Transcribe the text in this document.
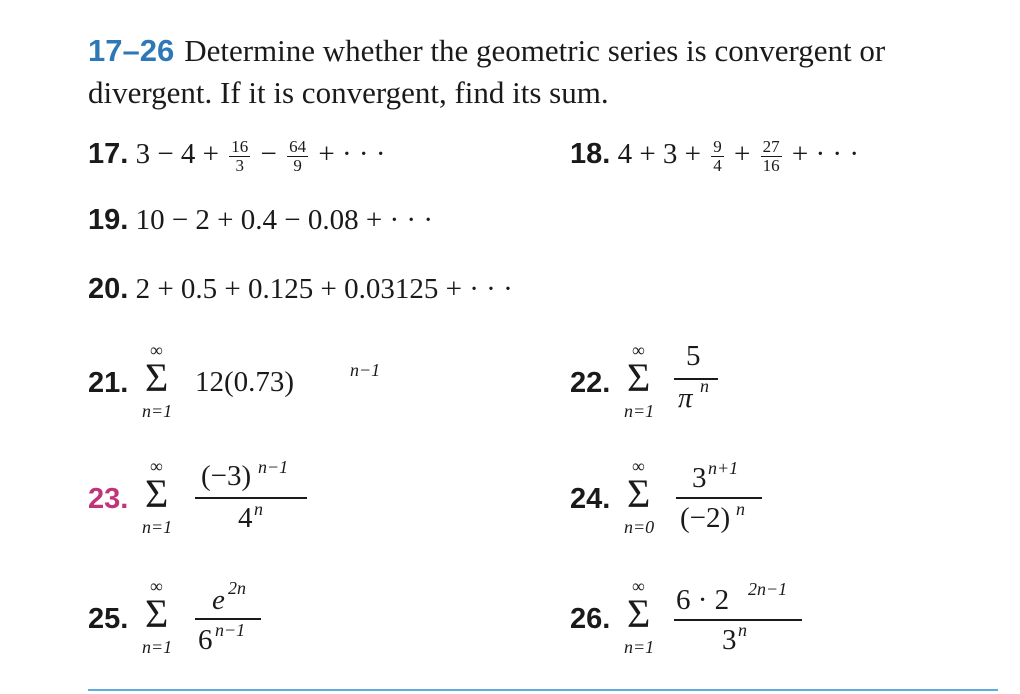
17–26 Determine whether the geometric series is convergent or divergent. If it is convergent, find its sum.
17. $3 - 4 + \frac{16}{3} - \frac{64}{9}$ + · · ·	18. $4 + 3 + \frac{9}{4} + \frac{27}{16}$ + · · ·
19. 10 − 2 + 0.4 − 0.08 + · · ·
20. 2 + 0.5 + 0.125 + 0.03125 + · · ·
21.
∞
Σ
n=1
12(0.73)	n−1	22.
∞
Σ
n=1
5
π n
23.
∞
Σ
n=1
(−3) n−1
4 n	24.
∞
Σ
n=0
3 n+1
(−2) n
25.
∞
Σ
n=1
e 2n
6 n−1	26.
∞
Σ
n=1
6 · 2 2n−1
3 n
